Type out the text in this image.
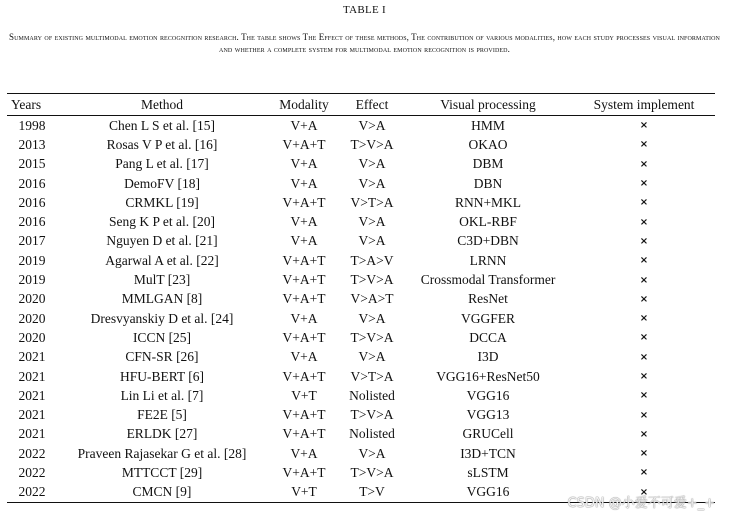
TABLE I
Summary of existing multimodal emotion recognition research. The table shows The Effect of these methods, The contribution of various modalities, how each study processes visual information and whether a complete system for multimodal emotion recognition is provided.
Years	Method	Modality	Effect	Visual processing	System implement
1998	Chen L S et al. [15]	V+A	V>A	HMM	×
2013	Rosas V P et al. [16]	V+A+T	T>V>A	OKAO	×
2015	Pang L et al. [17]	V+A	V>A	DBM	×
2016	DemoFV [18]	V+A	V>A	DBN	×
2016	CRMKL [19]	V+A+T	V>T>A	RNN+MKL	×
2016	Seng K P et al. [20]	V+A	V>A	OKL-RBF	×
2017	Nguyen D et al. [21]	V+A	V>A	C3D+DBN	×
2019	Agarwal A et al. [22]	V+A+T	T>A>V	LRNN	×
2019	MulT [23]	V+A+T	T>V>A	Crossmodal Transformer	×
2020	MMLGAN [8]	V+A+T	V>A>T	ResNet	×
2020	Dresvyanskiy D et al. [24]	V+A	V>A	VGGFER	×
2020	ICCN [25]	V+A+T	T>V>A	DCCA	×
2021	CFN-SR [26]	V+A	V>A	I3D	×
2021	HFU-BERT [6]	V+A+T	V>T>A	VGG16+ResNet50	×
2021	Lin Li et al. [7]	V+T	Nolisted	VGG16	×
2021	FE2E [5]	V+A+T	T>V>A	VGG13	×
2021	ERLDK [27]	V+A+T	Nolisted	GRUCell	×
2022	Praveen Rajasekar G et al. [28]	V+A	V>A	I3D+TCN	×
2022	MTTCCT [29]	V+A+T	T>V>A	sLSTM	×
2022	CMCN [9]	V+T	T>V	VGG16	×
CSDN @小爱不可爱+_+
